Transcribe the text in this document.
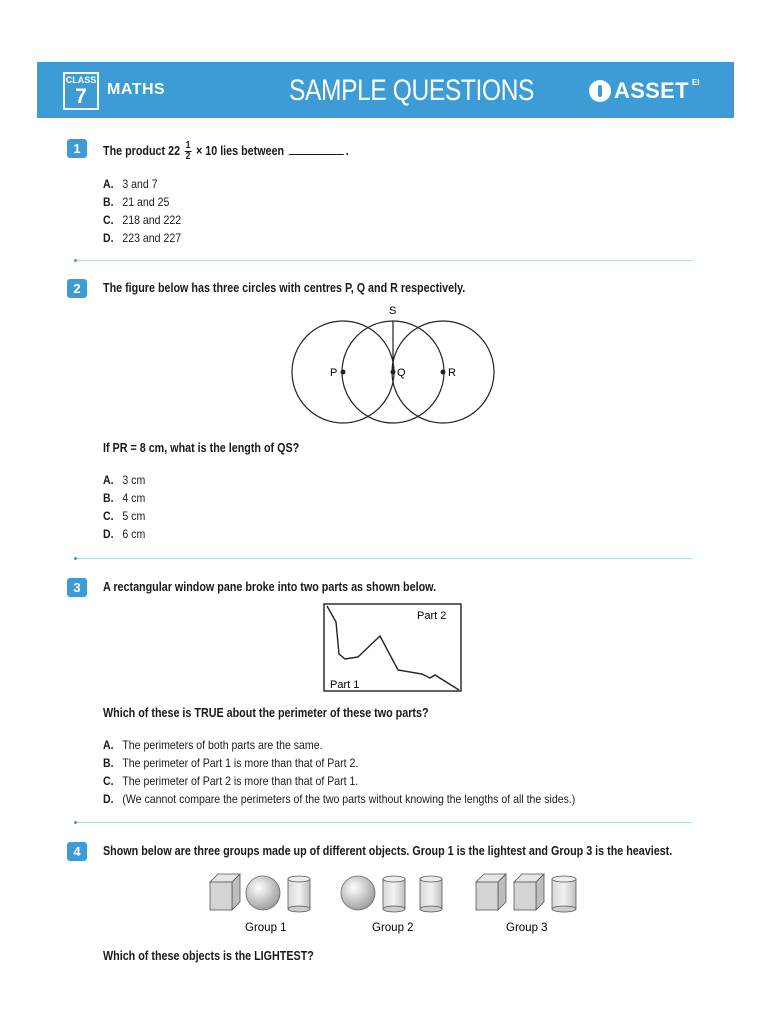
CLASS
7	MATHS	SAMPLE QUESTIONS	ASSET EI
1	The product $22 \frac{1}{2} \times 10$ lies between	.
A. 3 and 7
B. 21 and 25
C. 218 and 222
D. 223 and 227
2	The figure below has three circles with centres P, Q and R respectively.
S
P	Q	R
If PR = 8 cm, what is the length of QS?
A. 3 cm
B. 4 cm
C. 5 cm
D. 6 cm
3	A rectangular window pane broke into two parts as shown below.
Part 2
Part 1
Which of these is TRUE about the perimeter of these two parts?
A. The perimeters of both parts are the same.
B. The perimeter of Part 1 is more than that of Part 2.
C. The perimeter of Part 2 is more than that of Part 1.
D. (We cannot compare the perimeters of the two parts without knowing the lengths of all the sides.)
4	Shown below are three groups made up of different objects. Group 1 is the lightest and Group 3 is the heaviest.
Group 1	Group 2	Group 3
Which of these objects is the LIGHTEST?
